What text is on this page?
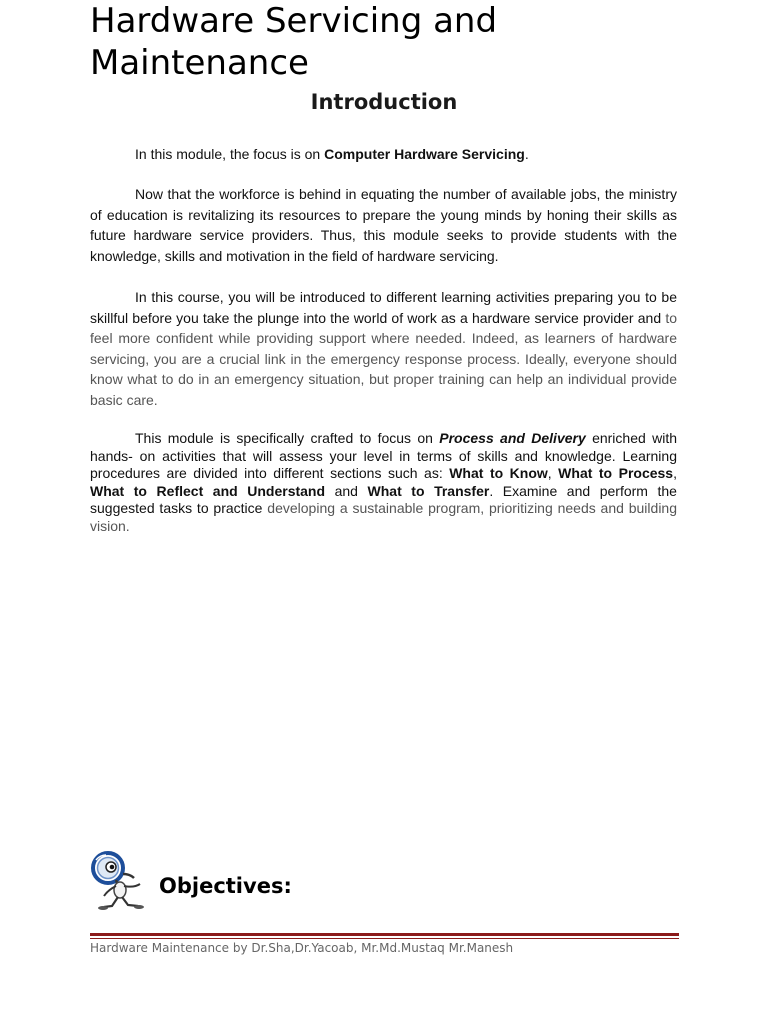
Hardware Servicing and
Maintenance
Introduction

In this module, the focus is on Computer Hardware Servicing.

Now that the workforce is behind in equating the number of available jobs, the ministry of education is revitalizing its resources to prepare the young minds by honing their skills as future hardware service providers. Thus, this module seeks to provide students with the knowledge, skills and motivation in the field of hardware servicing.

In this course, you will be introduced to different learning activities preparing you to be skillful before you take the plunge into the world of work as a hardware service provider and to feel more confident while providing support where needed. Indeed, as learners of hardware servicing, you are a crucial link in the emergency response process. Ideally, everyone should know what to do in an emergency situation, but proper training can help an individual provide basic care.

This module is specifically crafted to focus on Process and Delivery enriched with hands- on activities that will assess your level in terms of skills and knowledge. Learning procedures are divided into different sections such as: What to Know, What to Process, What to Reflect and Understand and What to Transfer. Examine and perform the suggested tasks to practice developing a sustainable program, prioritizing needs and building vision.

Objectives:

Hardware Maintenance by Dr.Sha,Dr.Yacoab, Mr.Md.Mustaq Mr.Manesh
